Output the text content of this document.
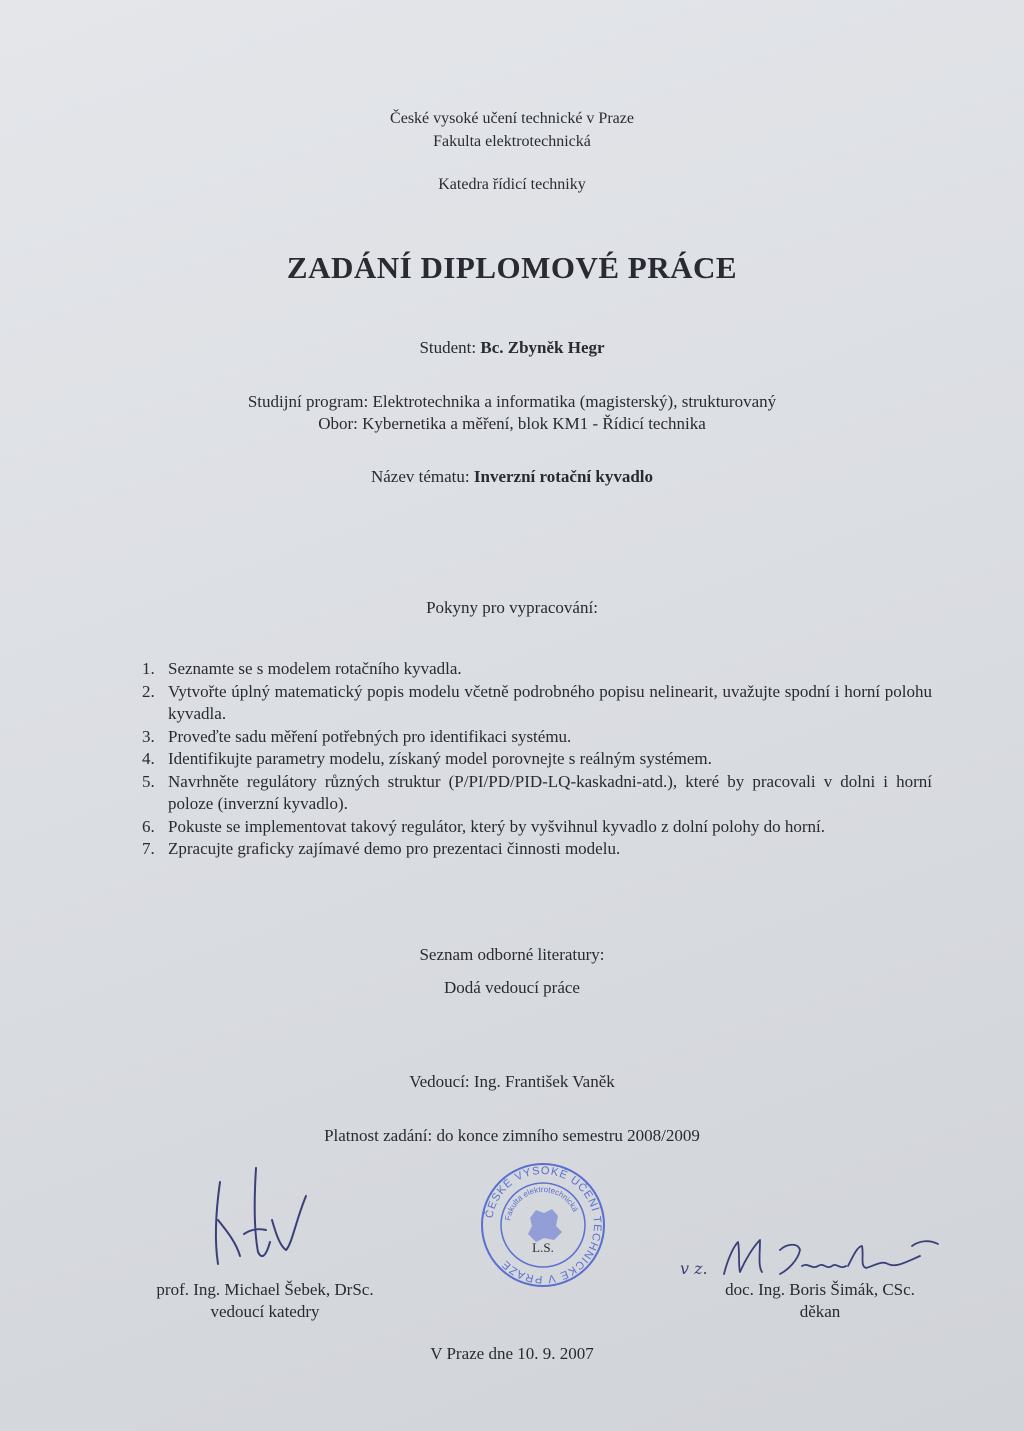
České vysoké učení technické v Praze
Fakulta elektrotechnická
Katedra řídicí techniky
ZADÁNÍ DIPLOMOVÉ PRÁCE
Student: Bc. Zbyněk Hegr
Studijní program: Elektrotechnika a informatika (magisterský), strukturovaný
Obor: Kybernetika a měření, blok KM1 - Řídicí technika
Název tématu: Inverzní rotační kyvadlo
Pokyny pro vypracování:
1. Seznamte se s modelem rotačního kyvadla.
2. Vytvořte úplný matematický popis modelu včetně podrobného popisu nelinearit, uvažujte spodní i horní polohu kyvadla.
3. Proveďte sadu měření potřebných pro identifikaci systému.
4. Identifikujte parametry modelu, získaný model porovnejte s reálným systémem.
5. Navrhněte regulátory různých struktur (P/PI/PD/PID-LQ-kaskadni-atd.), které by pracovali v dolni i horní poloze (inverzní kyvadlo).
6. Pokuste se implementovat takový regulátor, který by vyšvihnul kyvadlo z dolní polohy do horní.
7. Zpracujte graficky zajímavé demo pro prezentaci činnosti modelu.
Seznam odborné literatury:
Dodá vedoucí práce
Vedoucí: Ing. František Vaněk
Platnost zadání: do konce zimního semestru 2008/2009
ČESKÉ VYSOKÉ UČENÍ TECHNICKÉ V PRAZE
Fakulta elektrotechnická
L.S.
v z.
prof. Ing. Michael Šebek, DrSc.
vedoucí katedry
doc. Ing. Boris Šimák, CSc.
děkan
V Praze dne 10. 9. 2007
